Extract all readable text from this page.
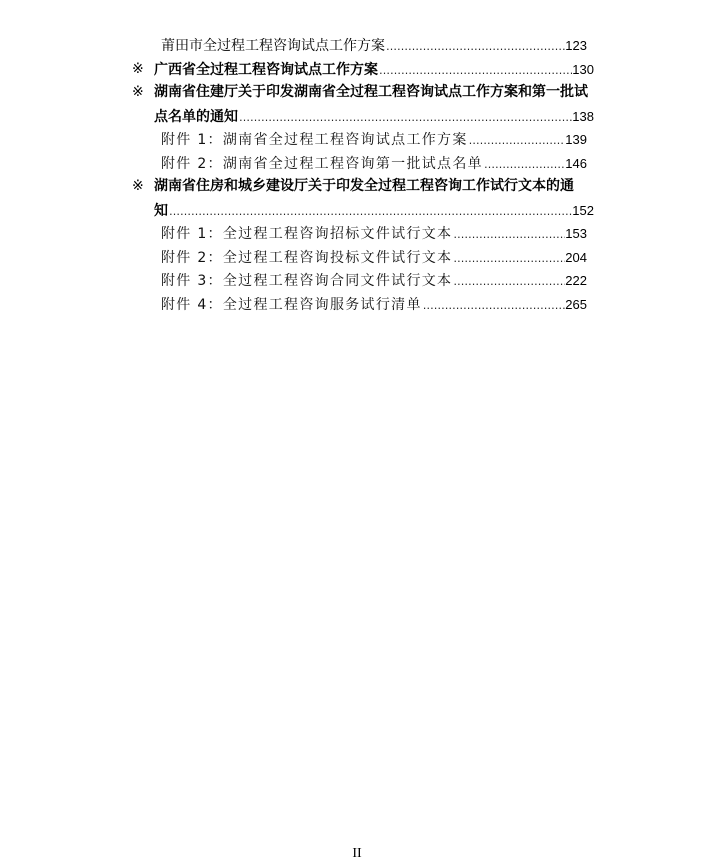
莆田市全过程工程咨询试点工作方案 …………………………………………………………………………………………………………………………	123
※ 广西省全过程工程咨询试点工作方案 …………………………………………………………………………………………………………………………	130
※ 湖南省住建厅关于印发湖南省全过程工程咨询试点工作方案和第一批试
点名单的通知 …………………………………………………………………………………………………………………………	138
附件 1：湖南省全过程工程咨询试点工作方案 …………………………………………………………………………………………………………………………	139
附件 2：湖南省全过程工程咨询第一批试点名单 …………………………………………………………………………………………………………………………	146
※ 湖南省住房和城乡建设厅关于印发全过程工程咨询工作试行文本的通
知 …………………………………………………………………………………………………………………………	152
附件 1：全过程工程咨询招标文件试行文本 …………………………………………………………………………………………………………………………	153
附件 2：全过程工程咨询投标文件试行文本 …………………………………………………………………………………………………………………………	204
附件 3：全过程工程咨询合同文件试行文本 …………………………………………………………………………………………………………………………	222
附件 4：全过程工程咨询服务试行清单 …………………………………………………………………………………………………………………………	265
II
